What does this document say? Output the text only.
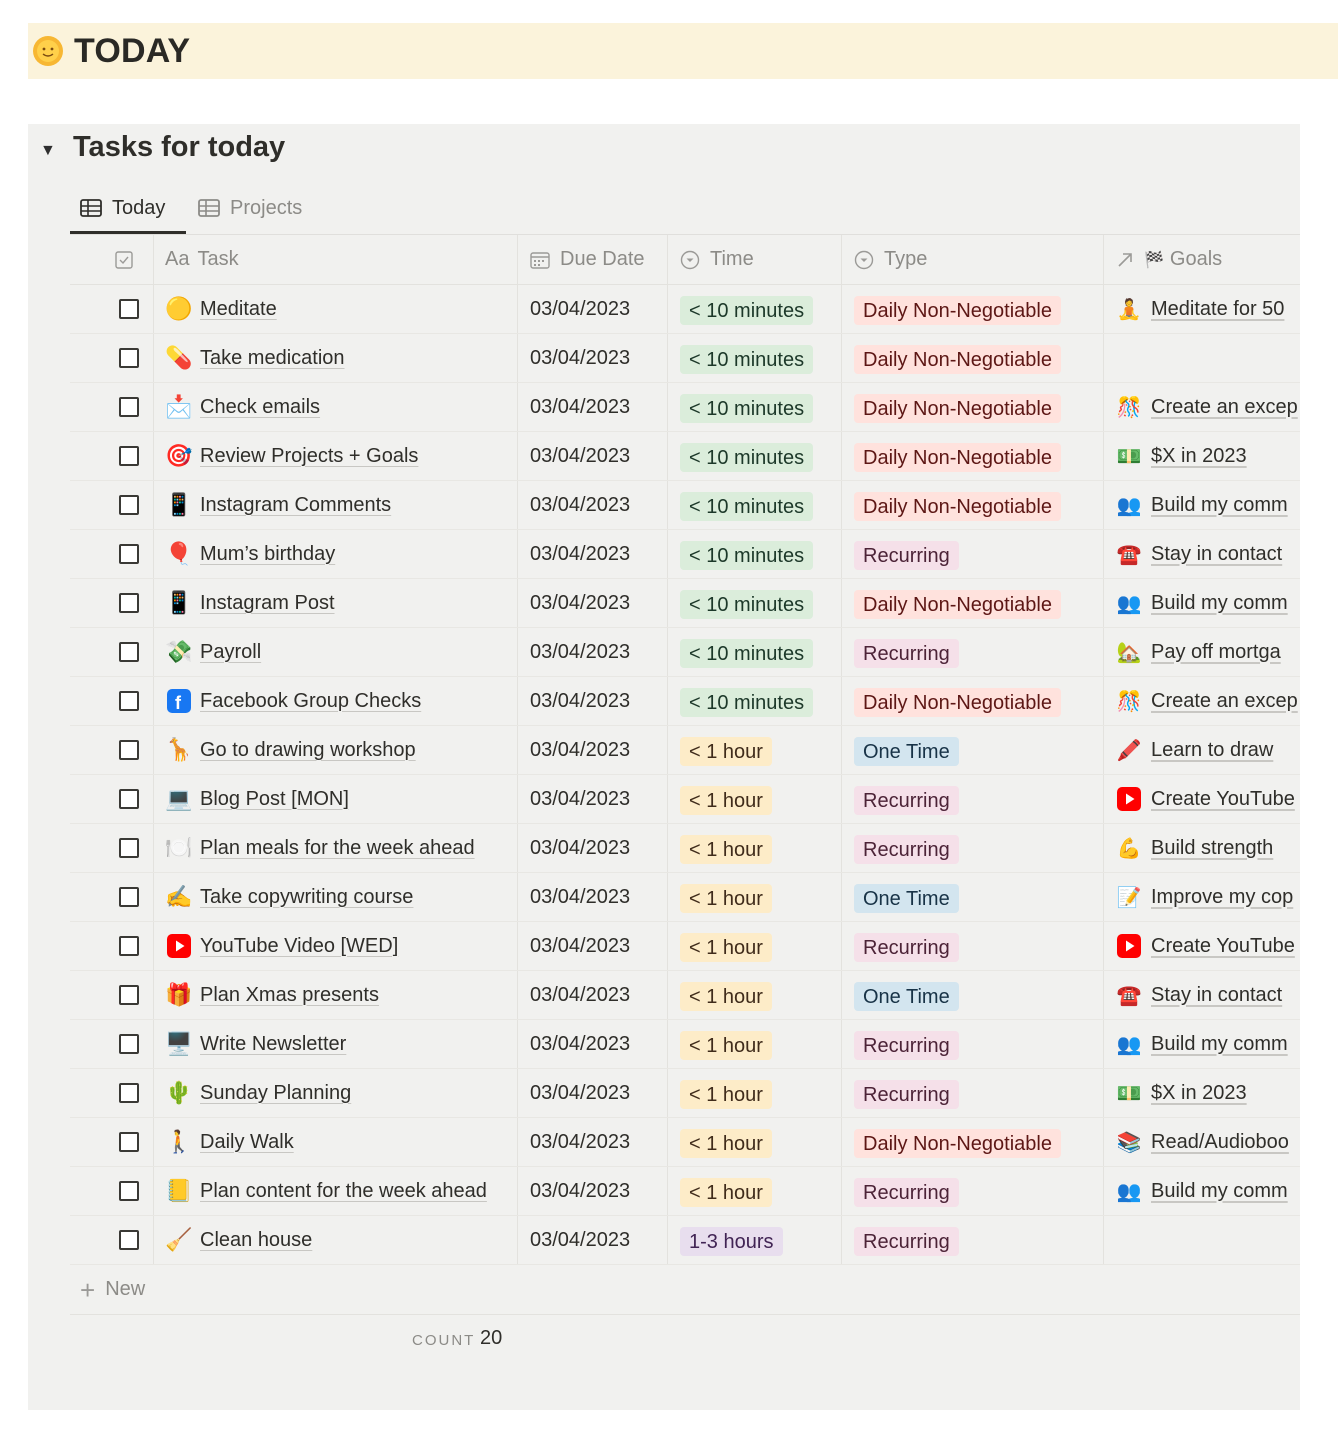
TODAY
▼ Tasks for today
Today	Projects
Aa Task	Due Date	Time	Type	🏁 Goals
🟡 Meditate	03/04/2023	< 10 minutes	Daily Non-Negotiable	🧘 Meditate for 50
💊 Take medication	03/04/2023	< 10 minutes	Daily Non-Negotiable
📩 Check emails	03/04/2023	< 10 minutes	Daily Non-Negotiable	🎊 Create an excep
🎯 Review Projects + Goals	03/04/2023	< 10 minutes	Daily Non-Negotiable	💵 $X in 2023
📱 Instagram Comments	03/04/2023	< 10 minutes	Daily Non-Negotiable	👥 Build my comm
🎈 Mum’s birthday	03/04/2023	< 10 minutes	Recurring	☎️ Stay in contact
📱 Instagram Post	03/04/2023	< 10 minutes	Daily Non-Negotiable	👥 Build my comm
💸 Payroll	03/04/2023	< 10 minutes	Recurring	🏡 Pay off mortga
f Facebook Group Checks	03/04/2023	< 10 minutes	Daily Non-Negotiable	🎊 Create an excep
🦒 Go to drawing workshop	03/04/2023	< 1 hour	One Time	🖍️ Learn to draw
💻 Blog Post [MON]	03/04/2023	< 1 hour	Recurring	Create YouTube
🍽️ Plan meals for the week ahead	03/04/2023	< 1 hour	Recurring	💪 Build strength
✍️ Take copywriting course	03/04/2023	< 1 hour	One Time	📝 Improve my cop
YouTube Video [WED]	03/04/2023	< 1 hour	Recurring	Create YouTube
🎁 Plan Xmas presents	03/04/2023	< 1 hour	One Time	☎️ Stay in contact
🖥️ Write Newsletter	03/04/2023	< 1 hour	Recurring	👥 Build my comm
🌵 Sunday Planning	03/04/2023	< 1 hour	Recurring	💵 $X in 2023
🚶 Daily Walk	03/04/2023	< 1 hour	Daily Non-Negotiable	📚 Read/Audioboo
📒 Plan content for the week ahead 03/04/2023	< 1 hour	Recurring	👥 Build my comm
🧹 Clean house	03/04/2023	1-3 hours	Recurring
+ New
COUNT 20
